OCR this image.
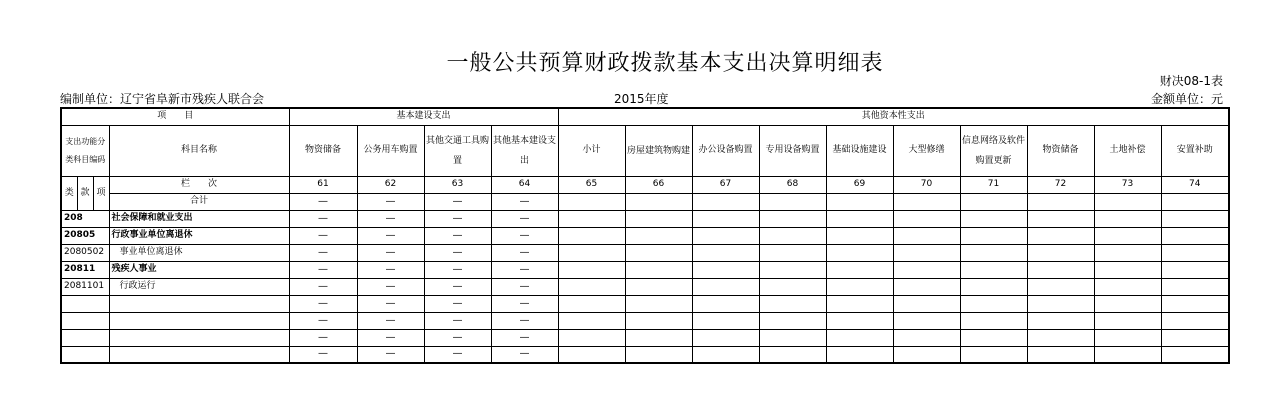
一般公共预算财政拨款基本支出决算明细表
财决08-1表
金额单位：元
编制单位：辽宁省阜新市残疾人联合会	2015年度
项　　目				基本建设支出				其他资本性支出									
支出功能分类科目编码			科目名称	物资储备	公务用车购置	其他交通工具购置	其他基本建设支出	小计	房屋建筑物购建	办公设备购置	专用设备购置	基础设施建设	大型修缮	信息网络及软件购置更新	物资储备	土地补偿	安置补助

类	款	项	栏　　次	61	62	63	64	65	66	67	68	69	70	71	72	73	74
			合计	—	—	—	—										
208			社会保障和就业支出	—	—	—	—										
20805			行政事业单位离退休	—	—	—	—										
2080502			事业单位离退休	—	—	—	—										
20811			残疾人事业	—	—	—	—										
2081101			行政运行	—	—	—	—										
				—	—	—	—										
				—	—	—	—										
				—	—	—	—										
				—	—	—	—										
